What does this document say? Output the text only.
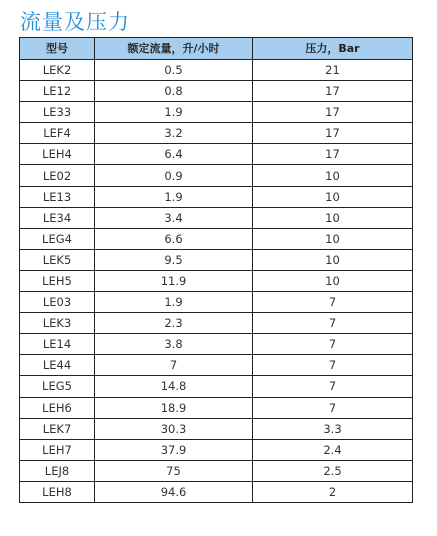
流量及压力
型号	额定流量，升/小时	压力，Bar
LEK2	0.5	21
LE12	0.8	17
LE33	1.9	17
LEF4	3.2	17
LEH4	6.4	17
LE02	0.9	10
LE13	1.9	10
LE34	3.4	10
LEG4	6.6	10
LEK5	9.5	10
LEH5	11.9	10
LE03	1.9	7
LEK3	2.3	7
LE14	3.8	7
LE44	7	7
LEG5	14.8	7
LEH6	18.9	7
LEK7	30.3	3.3
LEH7	37.9	2.4
LEJ8	75	2.5
LEH8	94.6	2
